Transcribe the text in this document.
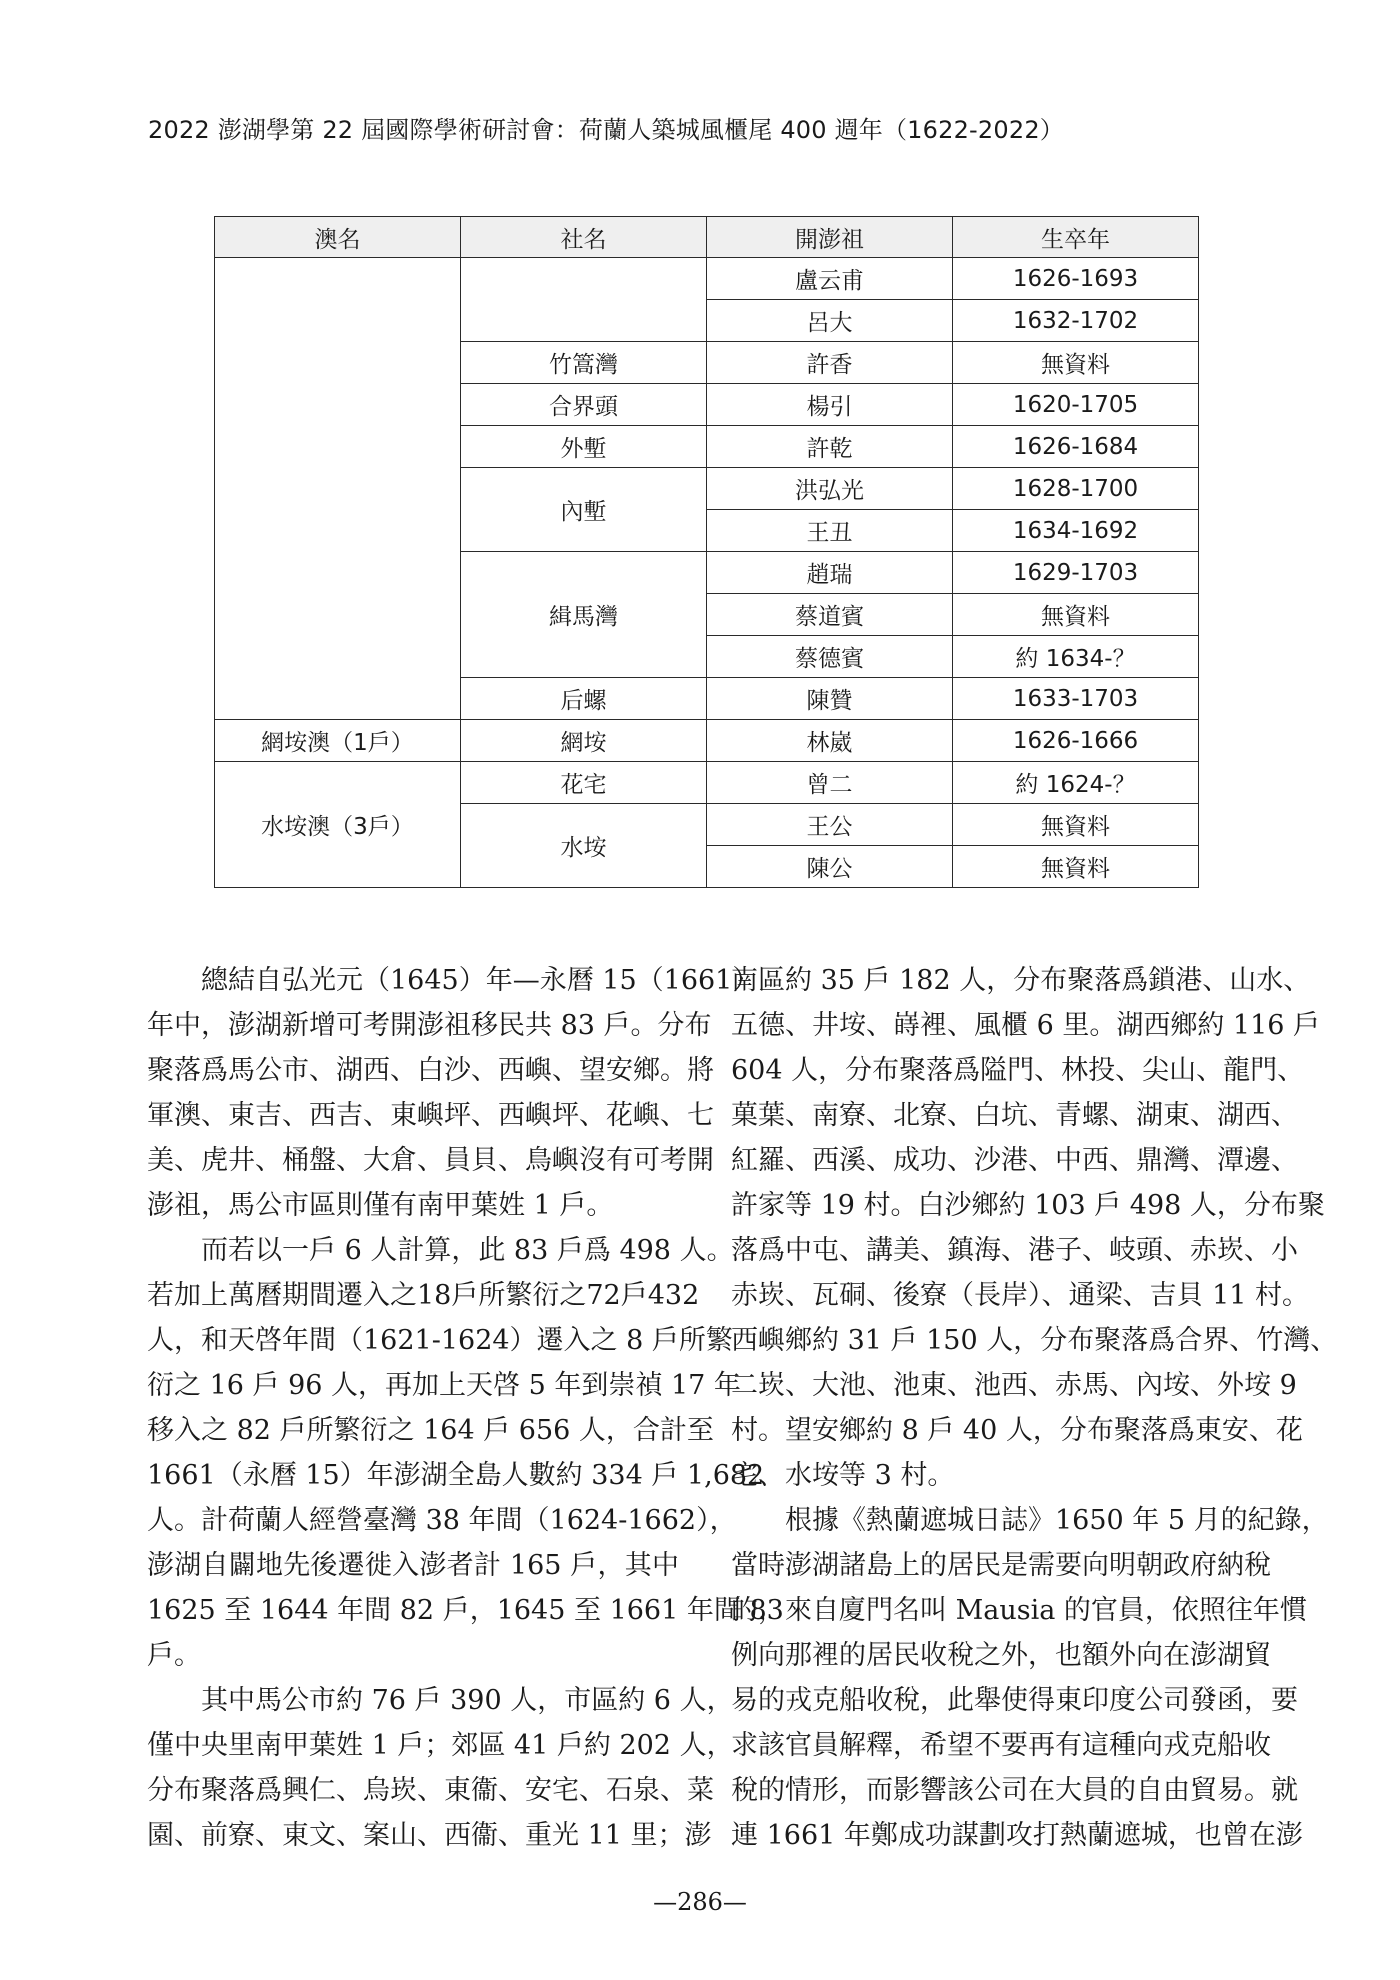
2022 澎湖學第 22 屆國際學術研討會：荷蘭人築城風櫃尾 400 週年（1622-2022）
澳名	社名	開澎祖	生卒年
		盧云甫	1626-1693
		呂大	1632-1702
	竹篙灣	許香	無資料
	合界頭	楊引	1620-1705
	外塹	許乾	1626-1684
	內塹	洪弘光	1628-1700
		王丑	1634-1692
	緝馬灣	趙瑞	1629-1703
		蔡道賓	無資料
		蔡德賓	約 1634-？
	后螺	陳贊	1633-1703
網垵澳（1戶）	網垵	林崴	1626-1666
水垵澳（3戶）	花宅	曾二	約 1624-？
	水垵	王公	無資料
		陳公	無資料
總結自弘光元（1645）年—永曆 15（1661）
年中，澎湖新增可考開澎祖移民共 83 戶。分布
聚落爲馬公市、湖西、白沙、西嶼、望安鄉。將
軍澳、東吉、西吉、東嶼坪、西嶼坪、花嶼、七
美、虎井、桶盤、大倉、員貝、鳥嶼沒有可考開
澎祖，馬公市區則僅有南甲葉姓 1 戶。
而若以一戶 6 人計算，此 83 戶爲 498 人。
若加上萬曆期間遷入之18戶所繁衍之72戶432
人，和天啓年間（1621-1624）遷入之 8 戶所繁
衍之 16 戶 96 人，再加上天啓 5 年到崇禎 17 年
移入之 82 戶所繁衍之 164 戶 656 人，合計至
1661（永曆 15）年澎湖全島人數約 334 戶 1,682
人。計荷蘭人經營臺灣 38 年間（1624-1662），
澎湖自闢地先後遷徙入澎者計 165 戶，其中
1625 至 1644 年間 82 戶，1645 至 1661 年間 83
戶。
其中馬公市約 76 戶 390 人，市區約 6 人，
僅中央里南甲葉姓 1 戶；郊區 41 戶約 202 人，
分布聚落爲興仁、烏崁、東衞、安宅、石泉、菜
園、前寮、東文、案山、西衞、重光 11 里；澎
南區約 35 戶 182 人，分布聚落爲鎖港、山水、
五德、井垵、嵵裡、風櫃 6 里。湖西鄉約 116 戶
604 人，分布聚落爲隘門、林投、尖山、龍門、
菓葉、南寮、北寮、白坑、青螺、湖東、湖西、
紅羅、西溪、成功、沙港、中西、鼎灣、潭邊、
許家等 19 村。白沙鄉約 103 戶 498 人，分布聚
落爲中屯、講美、鎮海、港子、岐頭、赤崁、小
赤崁、瓦硐、後寮（長岸）、通梁、吉貝 11 村。
西嶼鄉約 31 戶 150 人，分布聚落爲合界、竹灣、
二崁、大池、池東、池西、赤馬、內垵、外垵 9
村。望安鄉約 8 戶 40 人，分布聚落爲東安、花
宅、水垵等 3 村。
根據《熱蘭遮城日誌》1650 年 5 月的紀錄，
當時澎湖諸島上的居民是需要向明朝政府納稅
的，來自廈門名叫 Mausia 的官員，依照往年慣
例向那裡的居民收稅之外，也額外向在澎湖貿
易的戎克船收稅，此舉使得東印度公司發函，要
求該官員解釋，希望不要再有這種向戎克船收
稅的情形，而影響該公司在大員的自由貿易。就
連 1661 年鄭成功謀劃攻打熱蘭遮城，也曾在澎
—286—
